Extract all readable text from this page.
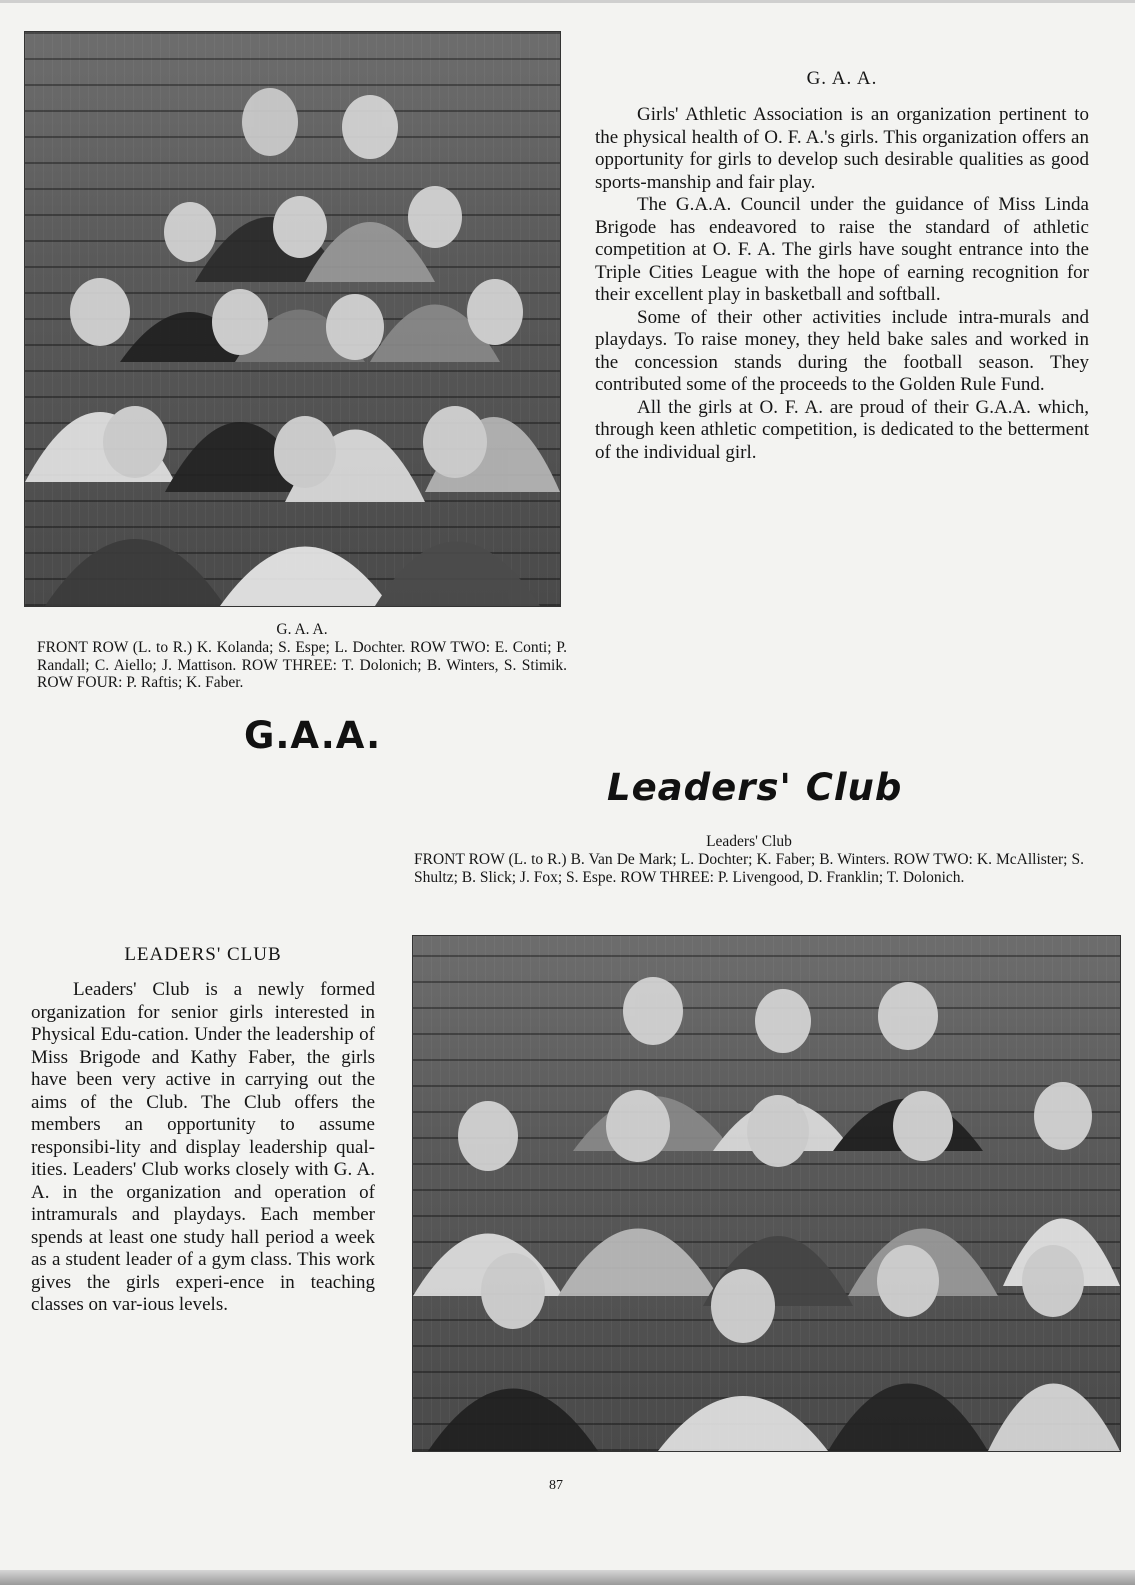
G. A. A.

Girls' Athletic Association is an organization pertinent to the physical health of O. F. A.'s girls. This organization offers an opportunity for girls to develop such desirable qualities as good sports-manship and fair play.

The G.A.A. Council under the guidance of Miss Linda Brigode has endeavored to raise the standard of athletic competition at O. F. A. The girls have sought entrance into the Triple Cities League with the hope of earning recognition for their excellent play in basketball and softball.

Some of their other activities include intra-murals and playdays. To raise money, they held bake sales and worked in the concession stands during the football season. They contributed some of the proceeds to the Golden Rule Fund.

All the girls at O. F. A. are proud of their G.A.A. which, through keen athletic competition, is dedicated to the betterment of the individual girl.

G. A. A.
FRONT ROW (L. to R.) K. Kolanda; S. Espe; L. Dochter. ROW TWO: E. Conti; P. Randall; C. Aiello; J. Mattison. ROW THREE: T. Dolonich; B. Winters, S. Stimik. ROW FOUR: P. Raftis; K. Faber.
G.A.A.
Leaders' Club
Leaders' Club
FRONT ROW (L. to R.) B. Van De Mark; L. Dochter; K. Faber; B. Winters. ROW TWO: K. McAllister; S. Shultz; B. Slick; J. Fox; S. Espe. ROW THREE: P. Livengood, D. Franklin; T. Dolonich.
LEADERS' CLUB

Leaders' Club is a newly formed organization for senior girls interested in Physical Edu-cation. Under the leadership of Miss Brigode and Kathy Faber, the girls have been very active in carrying out the aims of the Club. The Club offers the members an opportunity to assume responsibi-lity and display leadership qual-ities. Leaders' Club works closely with G. A. A. in the organization and operation of intramurals and playdays. Each member spends at least one study hall period a week as a student leader of a gym class. This work gives the girls experi-ence in teaching classes on var-ious levels.

87
